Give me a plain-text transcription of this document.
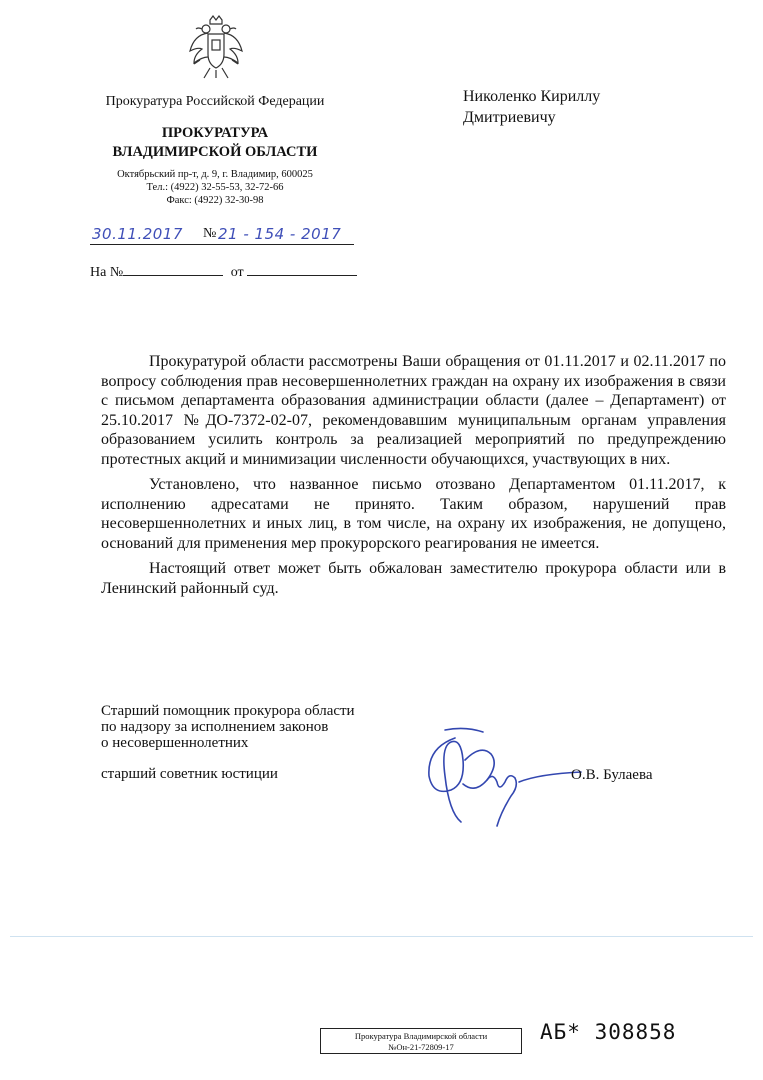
Прокуратура Российской Федерации
ПРОКУРАТУРА
ВЛАДИМИРСКОЙ ОБЛАСТИ
Октябрьский пр-т, д. 9, г. Владимир, 600025
Тел.: (4922) 32-55-53, 32-72-66
Факс: (4922) 32-30-98
30.11.2017 № 21 - 154 - 2017
На №	от
Николенко Кириллу
Дмитриевичу

Прокуратурой области рассмотрены Ваши обращения от 01.11.2017 и 02.11.2017 по вопросу соблюдения прав несовершеннолетних граждан на охрану их изображения в связи с письмом департамента образования администрации области (далее – Департамент) от 25.10.2017 №ДО-7372-02-07, рекомендовавшим муниципальным органам управления образованием усилить контроль за реализацией мероприятий по предупреждению протестных акций и минимизации численности обучающихся, участвующих в них.

Установлено, что названное письмо отозвано Департаментом 01.11.2017, к исполнению адресатами не принято. Таким образом, нарушений прав несовершеннолетних и иных лиц, в том числе, на охрану их изображения, не допущено, оснований для применения мер прокурорского реагирования не имеется.

Настоящий ответ может быть обжалован заместителю прокурора области или в Ленинский районный суд.

Старший помощник прокурора области
по надзору за исполнением законов
о несовершеннолетних
старший советник юстиции	О.В. Булаева
Прокуратура Владимирской области
№Он-21-72809-17
АБ* 308858
